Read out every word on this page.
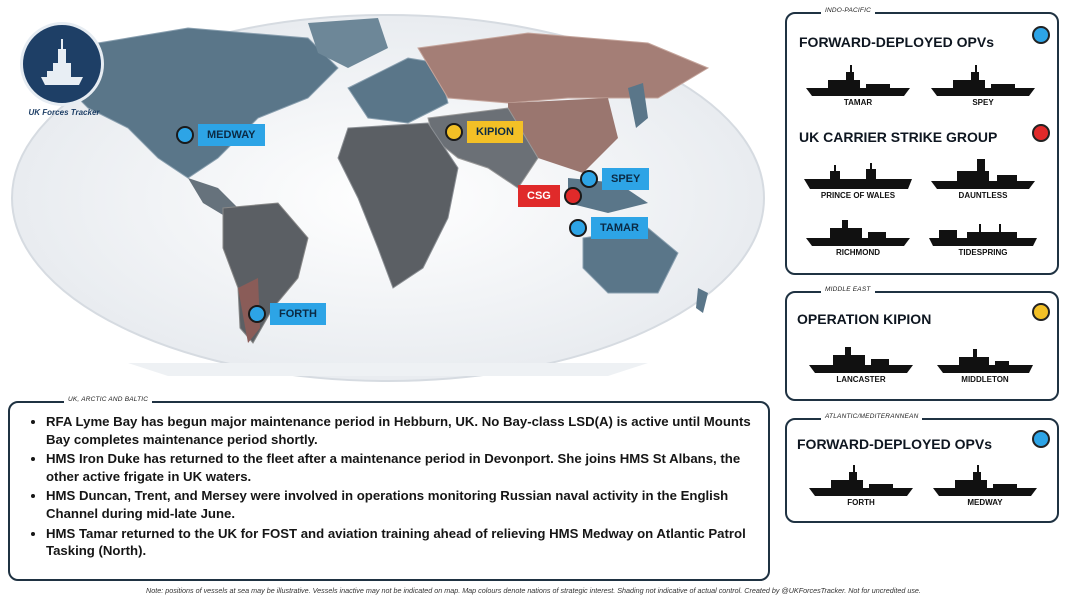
UK Forces Tracker
MEDWAY	KIPION
SPEY
CSG
TAMAR
FORTH
INDO-PACIFIC
FORWARD-DEPLOYED OPVs
TAMAR	SPEY
UK CARRIER STRIKE GROUP
PRINCE OF WALES	DAUNTLESS
RICHMOND	TIDESPRING
MIDDLE EAST
OPERATION KIPION
LANCASTER	MIDDLETON
ATLANTIC/MEDITERANNEAN
FORWARD-DEPLOYED OPVs
FORTH	MEDWAY
UK, ARCTIC AND BALTIC
• RFA Lyme Bay has begun major maintenance period in Hebburn, UK. No Bay-class LSD(A) is active until Mounts Bay completes maintenance period shortly.
• HMS Iron Duke has returned to the fleet after a maintenance period in Devonport. She joins HMS St Albans, the other active frigate in UK waters.
• HMS Duncan, Trent, and Mersey were involved in operations monitoring Russian naval activity in the English Channel during mid-late June.
• HMS Tamar returned to the UK for FOST and aviation training ahead of relieving HMS Medway on Atlantic Patrol Tasking (North).
Note: positions of vessels at sea may be illustrative. Vessels inactive may not be indicated on map. Map colours denote nations of strategic interest. Shading not indicative of actual control. Created by @UKForcesTracker. Not for uncredited use.
